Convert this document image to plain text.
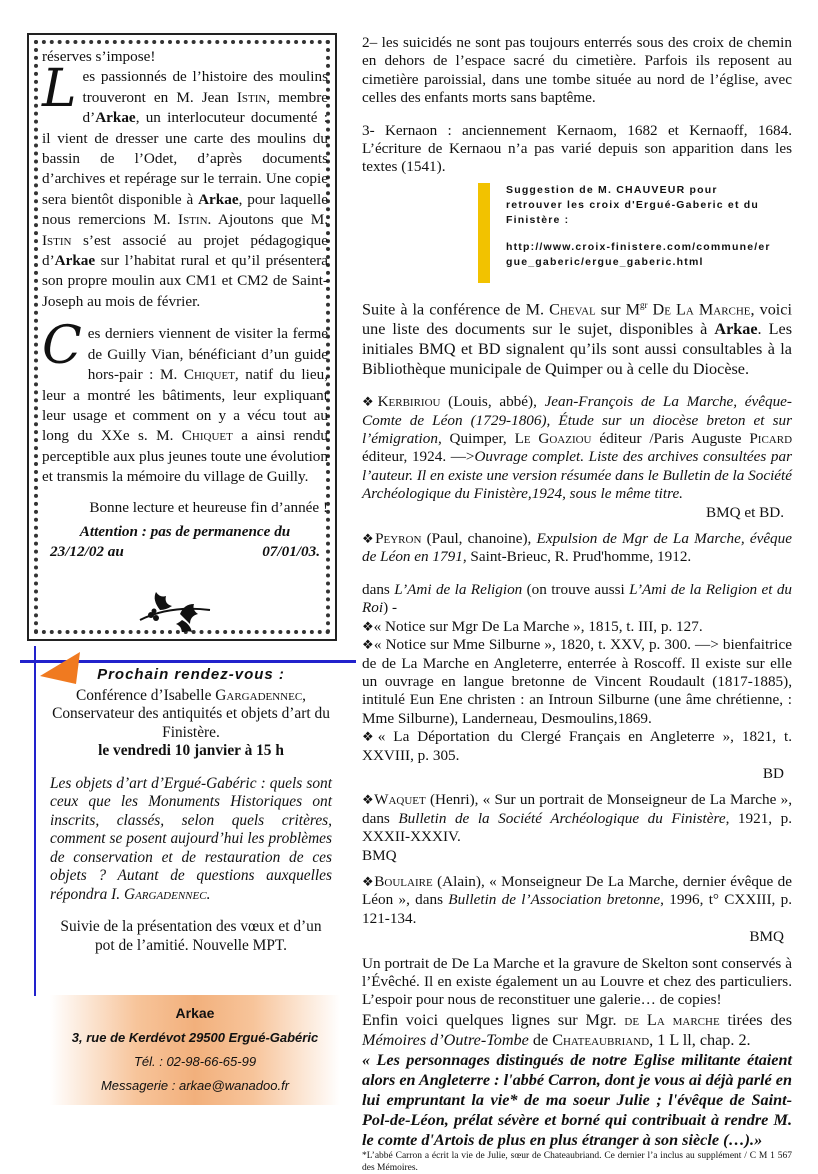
réserves s’impose!

Les passionnés de l’histoire des moulins trouveront en M. Jean Istin, membre d’Arkae, un interlocuteur documenté : il vient de dresser une carte des moulins du bassin de l’Odet, d’après documents d’archives et repérage sur le terrain. Une copie sera bientôt disponible à Arkae, pour laquelle nous remercions M. Istin. Ajoutons que M. Istin s’est associé au projet pédagogique d’Arkae sur l’habitat rural et qu’il présentera son propre moulin aux CM1 et CM2 de Saint-Joseph au mois de février.

Ces derniers viennent de visiter la ferme de Guilly Vian, bénéficiant d’un guide hors-pair : M. Chiquet, natif du lieu, leur a montré les bâtiments, leur expliquant leur usage et comment on y a vécu tout au long du XXe s. M. Chiquet a ainsi rendu perceptible aux plus jeunes toute une évolution et transmis la mémoire du village de Guilly.

Bonne lecture et heureuse fin d’année !

Attention : pas de permanence du

23/12/02 au	07/01/03.

Prochain rendez-vous :
Conférence d’Isabelle Gargadennec,
Conservateur des antiquités et objets d’art du Finistère.
le vendredi 10 janvier à 15 h
Les objets d’art d’Ergué-Gabéric : quels sont ceux que les Monuments Historiques ont inscrits, classés, selon quels critères, comment se posent aujourd’hui les problèmes de conservation et de restauration de ces objets ? Autant de questions auxquelles répondra I. Gargadennec.
Suivie de la présentation des vœux et d’un pot de l’amitié. Nouvelle MPT.
Arkae
3, rue de Kerdévot 29500 Ergué-Gabéric
Tél. : 02-98-66-65-99
Messagerie : arkae@wanadoo.fr

2– les suicidés ne sont pas toujours enterrés sous des croix de chemin en dehors de l’espace sacré du cimetière. Parfois ils reposent au cimetière paroissial, dans une tombe située au nord de l’église, avec celles des enfants morts sans baptême.

3- Kernaon : anciennement Kernaom, 1682 et Kernaoff, 1684. L’écriture de Kernaou n’a pas varié depuis son apparition dans les textes (1541).

Suggestion de M. CHAUVEUR pour retrouver les croix d'Ergué-Gaberic et du Finistère :
http://www.croix-finistere.com/commune/ergue_gaberic/ergue_gaberic.html

Suite à la conférence de M. Cheval sur $M^{gr}$ De La Marche, voici une liste des documents sur le sujet, disponibles à Arkae. Les initiales BMQ et BD signalent qu’ils sont aussi consultables à la Bibliothèque municipale de Quimper ou à celle du Diocèse.

❖Kerbiriou (Louis, abbé), Jean-François de La Marche, évêque-Comte de Léon (1729-1806), Étude sur un diocèse breton et sur l’émigration, Quimper, Le Goaziou éditeur /Paris Auguste Picard éditeur, 1924. —>Ouvrage complet. Liste des archives consultées par l’auteur. Il en existe une version résumée dans le Bulletin de la Société Archéologique du Finistère,1924, sous le même titre.

BMQ et BD.

❖Peyron (Paul, chanoine), Expulsion de Mgr de La Marche, évêque de Léon en 1791, Saint-Brieuc, R. Prud'homme, 1912.

dans L’Ami de la Religion (on trouve aussi L’Ami de la Religion et du Roi) -

❖« Notice sur Mgr De La Marche », 1815, t. III, p. 127.

❖« Notice sur Mme Silburne », 1820, t. XXV, p. 300. —> bienfaitrice de de La Marche en Angleterre, enterrée à Roscoff. Il existe sur elle un ouvrage en langue bretonne de Vincent Roudault (1817-1885), intitulé Eun Ene christen : an Introun Silburne (une âme chrétienne, : Mme Silburne), Landerneau, Desmoulins,1869.

❖« La Déportation du Clergé Français en Angleterre », 1821, t. XXVIII, p. 305.

BD

❖Waquet (Henri), « Sur un portrait de Monseigneur de La Marche », dans Bulletin de la Société Archéologique du Finistère, 1921, p. XXXII-XXXIV.

BMQ

❖Boulaire (Alain), « Monseigneur De La Marche, dernier évêque de Léon », dans Bulletin de l’Association bretonne, 1996, t° CXXIII, p. 121-134.

BMQ

Un portrait de De La Marche et la gravure de Skelton sont conservés à l’Évêché. Il en existe également un au Louvre et chez des particuliers. L’espoir pour nous de reconstituer une galerie… de copies!

Enfin voici quelques lignes sur Mgr. de La marche tirées des Mémoires d’Outre-Tombe de Chateaubriand, 1 L ll, chap. 2.

« Les personnages distingués de notre Eglise militante étaient alors en Angleterre : l'abbé Carron, dont je vous ai déjà parlé en lui empruntant la vie* de ma soeur Julie ; l'évêque de Saint-Pol-de-Léon, prélat sévère et borné qui contribuait à rendre M. le comte d'Artois de plus en plus étranger à son siècle (…).»

*L’abbé Carron a écrit la vie de Julie, sœur de Chateaubriand. Ce dernier l’a inclus au supplément / C M 1 567 des Mémoires.
